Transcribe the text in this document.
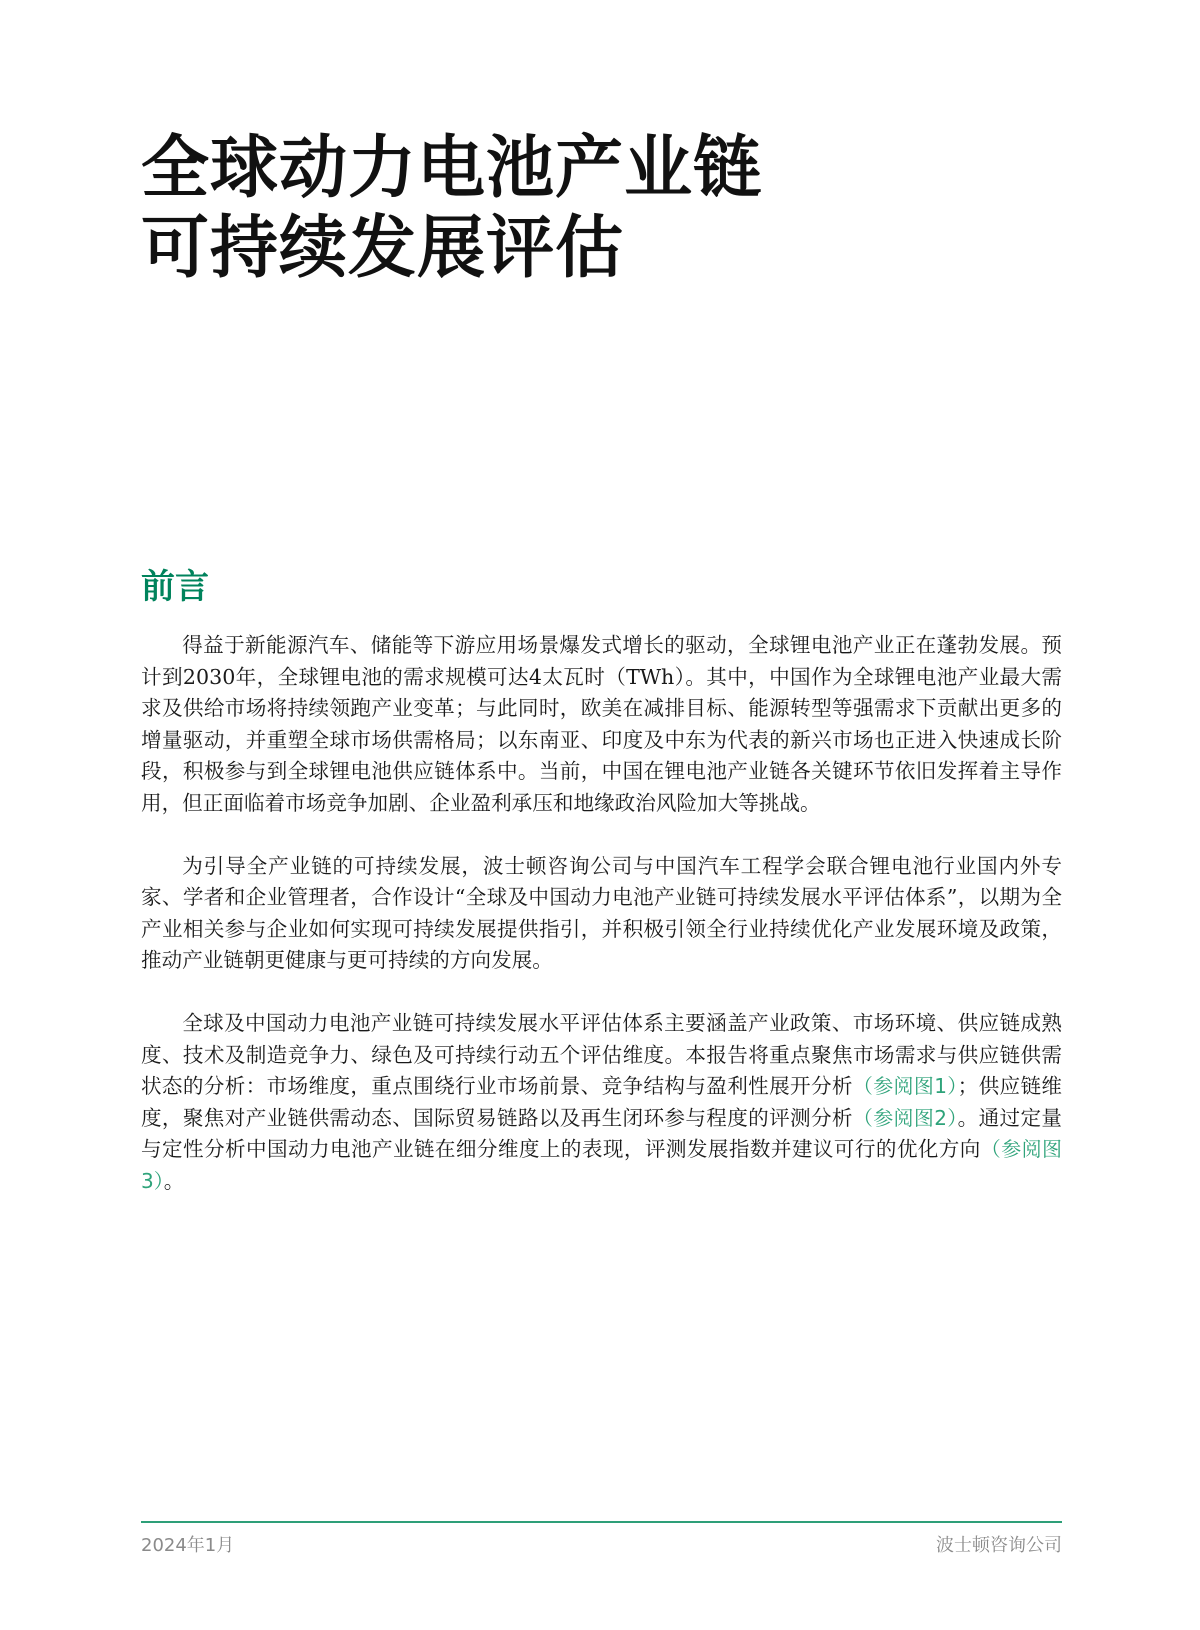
全球动力电池产业链
可持续发展评估
前言

得益于新能源汽车、储能等下游应用场景爆发式增长的驱动，全球锂电池产业正在蓬勃发展。预计到2030年，全球锂电池的需求规模可达4太瓦时（TWh）。其中，中国作为全球锂电池产业最大需求及供给市场将持续领跑产业变革；与此同时，欧美在减排目标、能源转型等强需求下贡献出更多的增量驱动，并重塑全球市场供需格局；以东南亚、印度及中东为代表的新兴市场也正进入快速成长阶段，积极参与到全球锂电池供应链体系中。当前，中国在锂电池产业链各关键环节依旧发挥着主导作用，但正面临着市场竞争加剧、企业盈利承压和地缘政治风险加大等挑战。

为引导全产业链的可持续发展，波士顿咨询公司与中国汽车工程学会联合锂电池行业国内外专家、学者和企业管理者，合作设计“全球及中国动力电池产业链可持续发展水平评估体系”，以期为全产业相关参与企业如何实现可持续发展提供指引，并积极引领全行业持续优化产业发展环境及政策，推动产业链朝更健康与更可持续的方向发展。

全球及中国动力电池产业链可持续发展水平评估体系主要涵盖产业政策、市场环境、供应链成熟度、技术及制造竞争力、绿色及可持续行动五个评估维度。本报告将重点聚焦市场需求与供应链供需状态的分析：市场维度，重点围绕行业市场前景、竞争结构与盈利性展开分析（参阅图1）；供应链维度，聚焦对产业链供需动态、国际贸易链路以及再生闭环参与程度的评测分析（参阅图2）。通过定量与定性分析中国动力电池产业链在细分维度上的表现，评测发展指数并建议可行的优化方向（参阅图3）。

2024年1月	波士顿咨询公司
